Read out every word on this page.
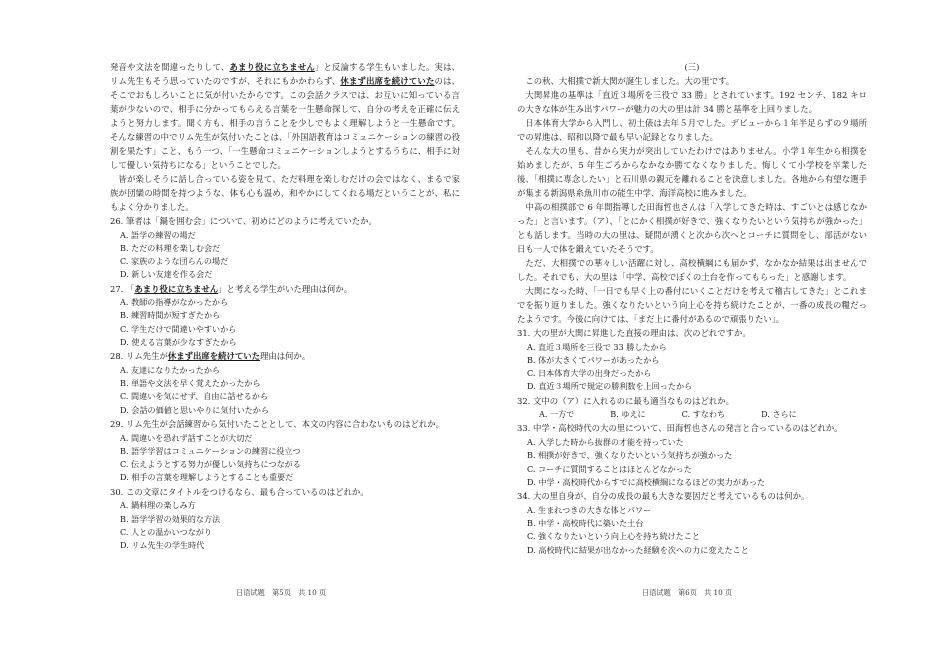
発音や文法を間違ったりして、あまり役に立ちません」と反論する学生もいました。実は、リム先生もそう思っていたのですが、それにもかかわらず、休まず出席を続けていたのは、そこでおもしろいことに気が付いたからです。この会話クラスでは、お互いに知っている言葉が少ないので、相手に分かってもらえる言葉を一生懸命探して、自分の考えを正確に伝えようと努力します。聞く方も、相手の言うことを少しでもよく理解しようと一生懸命です。そんな練習の中でリム先生が気付いたことは、「外国語教育はコミュニケーションの練習の役割を果たす」こと、もう一つ、「一生懸命コミュニケーションしようとするうちに、相手に対して優しい気持ちになる」ということでした。

皆が楽しそうに話し合っている姿を見て、ただ料理を楽しむだけの会ではなく、まるで家族が団欒の時間を持つような、体も心も温め、和やかにしてくれる場だということが、私にもよく分かりました。

26. 筆者は「鍋を囲む会」について、初めにどのように考えていたか。

A. 語学の練習の場だ

B. ただの料理を楽しむ会だ

C. 家族のような団らんの場だ

D. 新しい友達を作る会だ

27. 「あまり役に立ちません」と考える学生がいた理由は何か。

A. 教師の指導がなかったから

B. 練習時間が短すぎたから

C. 学生だけで間違いやすいから

D. 使える言葉が少なすぎたから

28. リム先生が休まず出席を続けていた理由は何か。

A. 友達になりたかったから

B. 単語や文法を早く覚えたかったから

C. 間違いを気にせず、自由に話せるから

D. 会話の価値と思いやりに気付いたから

29. リム先生が会話練習から気付いたこととして、本文の内容に合わないものはどれか。

A. 間違いを恐れず話すことが大切だ

B. 語学学習はコミュニケーションの練習に役立つ

C. 伝えようとする努力が優しい気持ちにつながる

D. 相手の言葉を理解しようとすることも重要だ

30. この文章にタイトルをつけるなら、最も合っているのはどれか。

A. 鍋料理の楽しみ方

B. 語学学習の効果的な方法

C. 人との温かいつながり

D. リム先生の学生時代

日语试题　第5页　共 10 页

(三)

この秋、大相撲で新大関が誕生しました。大の里です。

大関昇進の基準は「直近３場所を三役で 33 勝」とされています。192 センチ、182 キロの大きな体が生み出すパワーが魅力の大の里は計 34 勝と基準を上回りました。

日本体育大学から入門し、初土俵は去年５月でした。デビューから１年半足らずの９場所での昇進は、昭和以降で最も早い記録となりました。

そんな大の里も、昔から実力が突出していたわけではありません。小学１年生から相撲を始めましたが、5 年生ごろからなかなか勝てなくなりました。悔しくて小学校を卒業した後、「相撲に専念したい」と石川県の親元を離れることを決意しました。各地から有望な選手が集まる新潟県糸魚川市の能生中学、海洋高校に進みました。

中高の相撲部で 6 年間指導した田海哲也さんは「入学してきた時は、すごいとは感じなかった」と言います。（ア）、「とにかく相撲が好きで、強くなりたいという気持ちが強かった」とも話します。当時の大の里は、疑問が湧くと次から次へとコーチに質問をし、部活がない日も一人で体を鍛えていたそうです。

ただ、大相撲での華々しい活躍に対し、高校横綱にも届かず、なかなか結果は出ませんでした。それでも、大の里は「中学、高校でぼくの土台を作ってもらった」と感謝します。

大関になった時、「一日でも早く上の番付にいくことだけを考えて稽古してきた」とこれまでを振り返りました。強くなりたいという向上心を持ち続けたことが、一番の成長の糧だったようです。今後に向けては、「まだ上に番付があるので頑張りたい」。

31. 大の里が大関に昇進した直接の理由は、次のどれですか。

A. 直近３場所を三役で 33 勝したから

B. 体が大きくてパワーがあったから

C. 日本体育大学の出身だったから

D. 直近３場所で規定の勝利数を上回ったから

32. 文中の（ア）に入れるのに最も適当なものはどれか。

A. 一方で	B. ゆえに	C. すなわち	D. さらに

33. 中学・高校時代の大の里について、田海哲也さんの発言と合っているのはどれか。

A. 入学した時から抜群の才能を持っていた

B. 相撲が好きで、強くなりたいという気持ちが強かった

C. コーチに質問することはほとんどなかった

D. 中学・高校時代からすでに高校横綱になるほどの実力があった

34. 大の里自身が、自分の成長の最も大きな要因だと考えているものは何か。

A. 生まれつきの大きな体とパワー

B. 中学・高校時代に築いた土台

C. 強くなりたいという向上心を持ち続けたこと

D. 高校時代に結果が出なかった経験を次への力に変えたこと

日语试题　第6页　共 10 页
